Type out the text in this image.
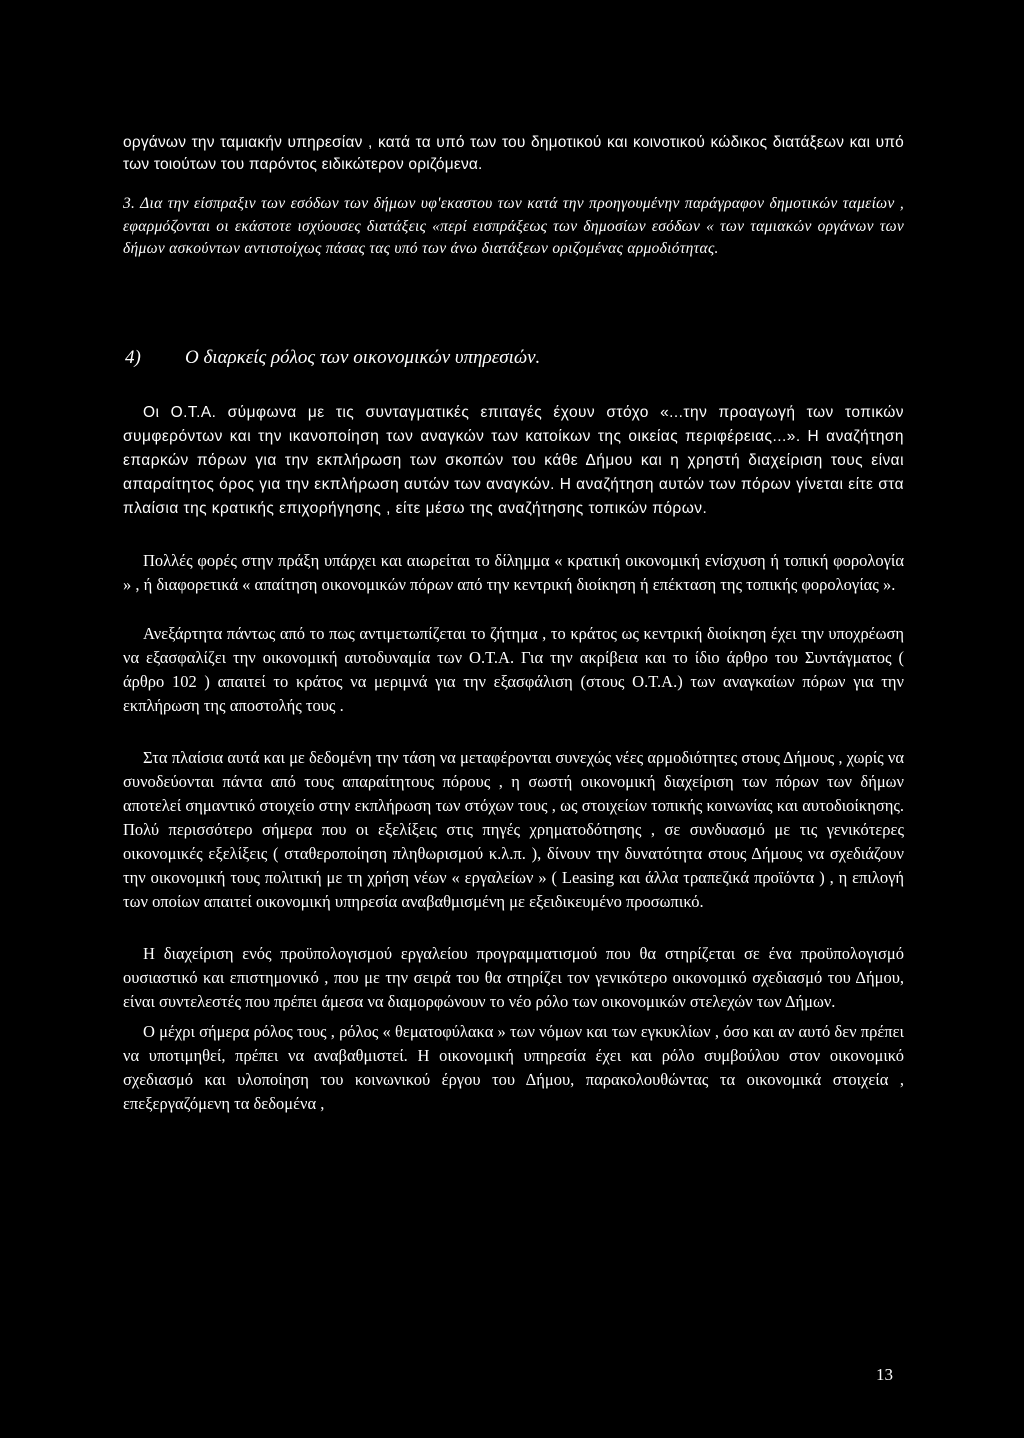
οργάνων την ταμιακήν υπηρεσίαν , κατά τα υπό των του δημοτικού και κοινοτικού κώδικος διατάξεων και υπό των τοιούτων του παρόντος ειδικώτερον οριζόμενα.

3. Δια την είσπραξιν των εσόδων των δήμων υφ'εκαστου των κατά την προηγουμένην παράγραφον δημοτικών ταμείων , εφαρμόζονται οι εκάστοτε ισχύουσες διατάξεις «περί εισπράξεως των δημοσίων εσόδων « των ταμιακών οργάνων των δήμων ασκούντων αντιστοίχως πάσας τας υπό των άνω διατάξεων οριζομένας αρμοδιότητας.

4)	Ο διαρκείς ρόλος των οικονομικών υπηρεσιών.

Οι Ο.Τ.Α. σύμφωνα με τις συνταγματικές επιταγές έχουν στόχο «...την προαγωγή των τοπικών συμφερόντων και την ικανοποίηση των αναγκών των κατοίκων της οικείας περιφέρειας...». Η αναζήτηση επαρκών πόρων για την εκπλήρωση των σκοπών του κάθε Δήμου και η χρηστή διαχείριση τους είναι απαραίτητος όρος για την εκπλήρωση αυτών των αναγκών. Η αναζήτηση αυτών των πόρων γίνεται είτε στα πλαίσια της κρατικής επιχορήγησης , είτε μέσω της αναζήτησης τοπικών πόρων.

Πολλές φορές στην πράξη υπάρχει και αιωρείται το δίλημμα « κρατική οικονομική ενίσχυση ή τοπική φορολογία » , ή διαφορετικά « απαίτηση οικονομικών πόρων από την κεντρική διοίκηση ή επέκταση της τοπικής φορολογίας ».

Ανεξάρτητα πάντως από το πως αντιμετωπίζεται το ζήτημα , το κράτος ως κεντρική διοίκηση έχει την υποχρέωση να εξασφαλίζει την οικονομική αυτοδυναμία των Ο.Τ.Α. Για την ακρίβεια και το ίδιο άρθρο του Συντάγματος ( άρθρο 102 ) απαιτεί το κράτος να μεριμνά για την εξασφάλιση (στους Ο.Τ.Α.) των αναγκαίων πόρων για την εκπλήρωση της αποστολής τους .

Στα πλαίσια αυτά και με δεδομένη την τάση να μεταφέρονται συνεχώς νέες αρμοδιότητες στους Δήμους , χωρίς να συνοδεύονται πάντα από τους απαραίτητους πόρους , η σωστή οικονομική διαχείριση των πόρων των δήμων αποτελεί σημαντικό στοιχείο στην εκπλήρωση των στόχων τους , ως στοιχείων τοπικής κοινωνίας και αυτοδιοίκησης. Πολύ περισσότερο σήμερα που οι εξελίξεις στις πηγές χρηματοδότησης , σε συνδυασμό με τις γενικότερες οικονομικές εξελίξεις ( σταθεροποίηση πληθωρισμού κ.λ.π. ), δίνουν την δυνατότητα στους Δήμους να σχεδιάζουν την οικονομική τους πολιτική με τη χρήση νέων « εργαλείων » ( Leasing και άλλα τραπεζικά προϊόντα ) , η επιλογή των οποίων απαιτεί οικονομική υπηρεσία αναβαθμισμένη με εξειδικευμένο προσωπικό.

Η διαχείριση ενός προϋπολογισμού εργαλείου προγραμματισμού που θα στηρίζεται σε ένα προϋπολογισμό ουσιαστικό και επιστημονικό , που με την σειρά του θα στηρίζει τον γενικότερο οικονομικό σχεδιασμό του Δήμου, είναι συντελεστές που πρέπει άμεσα να διαμορφώνουν το νέο ρόλο των οικονομικών στελεχών των Δήμων.

Ο μέχρι σήμερα ρόλος τους , ρόλος « θεματοφύλακα » των νόμων και των εγκυκλίων , όσο και αν αυτό δεν πρέπει να υποτιμηθεί, πρέπει να αναβαθμιστεί. Η οικονομική υπηρεσία έχει και ρόλο συμβούλου στον οικονομικό σχεδιασμό και υλοποίηση του κοινωνικού έργου του Δήμου, παρακολουθώντας τα οικονομικά στοιχεία , επεξεργαζόμενη τα δεδομένα ,

13
